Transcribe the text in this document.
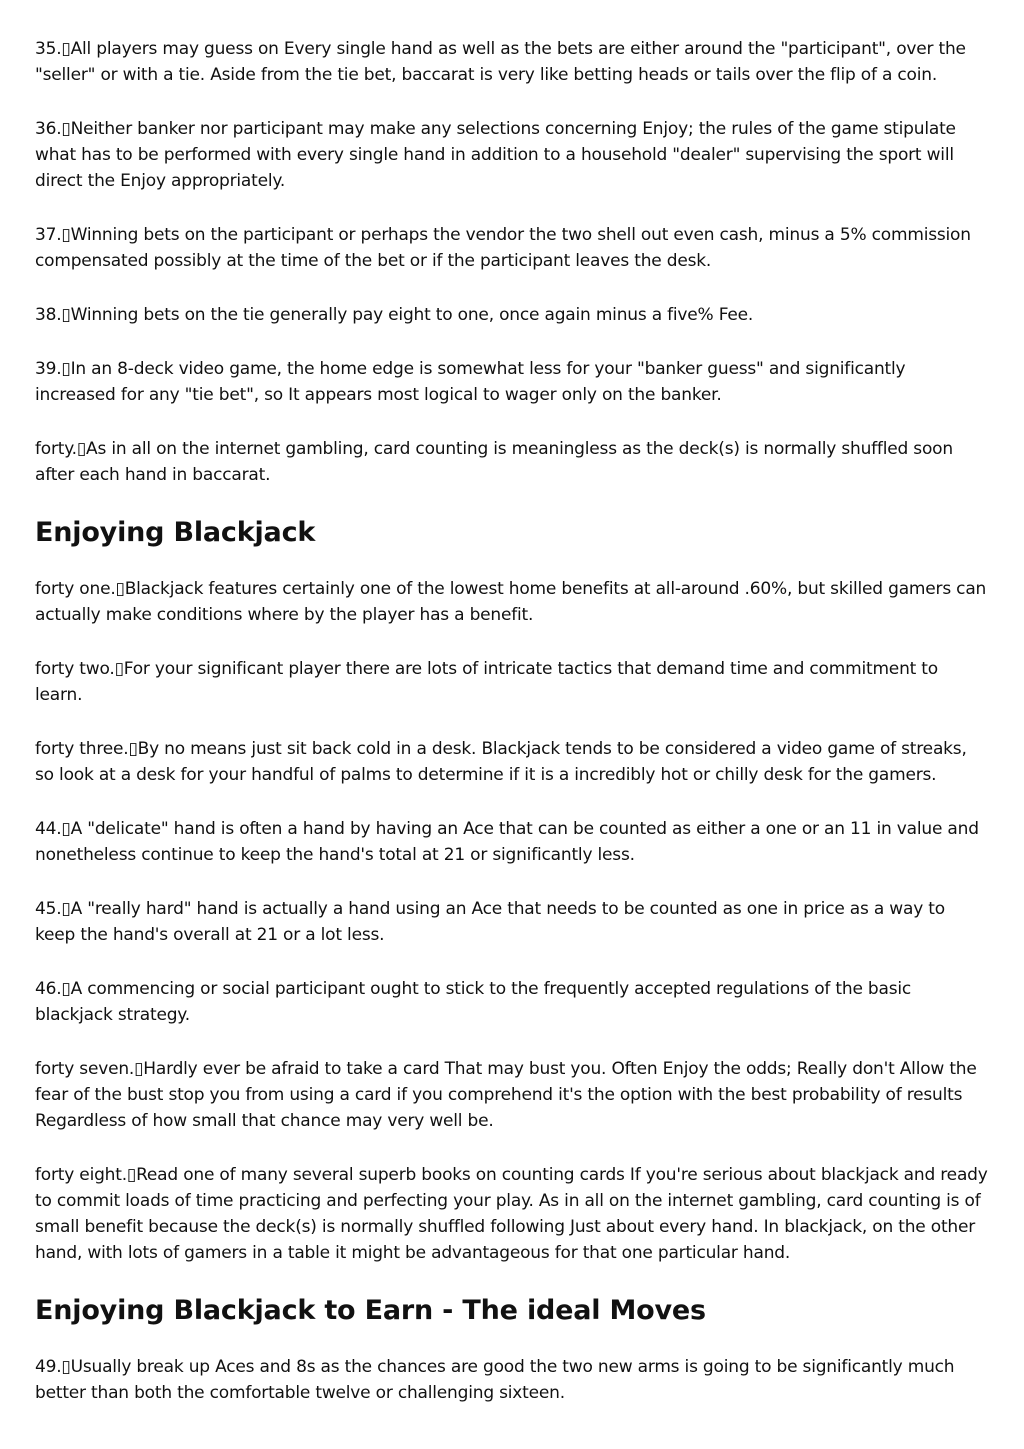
35.▯All players may guess on Every single hand as well as the bets are either around the "participant", over the "seller" or with a tie. Aside from the tie bet, baccarat is very like betting heads or tails over the flip of a coin.

36.▯Neither banker nor participant may make any selections concerning Enjoy; the rules of the game stipulate what has to be performed with every single hand in addition to a household "dealer" supervising the sport will direct the Enjoy appropriately.

37.▯Winning bets on the participant or perhaps the vendor the two shell out even cash, minus a 5% commission compensated possibly at the time of the bet or if the participant leaves the desk.

38.▯Winning bets on the tie generally pay eight to one, once again minus a five% Fee.

39.▯In an 8-deck video game, the home edge is somewhat less for your "banker guess" and significantly increased for any "tie bet", so It appears most logical to wager only on the banker.

forty.▯As in all on the internet gambling, card counting is meaningless as the deck(s) is normally shuffled soon after each hand in baccarat.

Enjoying Blackjack

forty one.▯Blackjack features certainly one of the lowest home benefits at all-around .60%, but skilled gamers can actually make conditions where by the player has a benefit.

forty two.▯For your significant player there are lots of intricate tactics that demand time and commitment to learn.

forty three.▯By no means just sit back cold in a desk. Blackjack tends to be considered a video game of streaks, so look at a desk for your handful of palms to determine if it is a incredibly hot or chilly desk for the gamers.

44.▯A "delicate" hand is often a hand by having an Ace that can be counted as either a one or an 11 in value and nonetheless continue to keep the hand's total at 21 or significantly less.

45.▯A "really hard" hand is actually a hand using an Ace that needs to be counted as one in price as a way to keep the hand's overall at 21 or a lot less.

46.▯A commencing or social participant ought to stick to the frequently accepted regulations of the basic blackjack strategy.

forty seven.▯Hardly ever be afraid to take a card That may bust you. Often Enjoy the odds; Really don't Allow the fear of the bust stop you from using a card if you comprehend it's the option with the best probability of results Regardless of how small that chance may very well be.

forty eight.▯Read one of many several superb books on counting cards If you're serious about blackjack and ready to commit loads of time practicing and perfecting your play. As in all on the internet gambling, card counting is of small benefit because the deck(s) is normally shuffled following Just about every hand. In blackjack, on the other hand, with lots of gamers in a table it might be advantageous for that one particular hand.

Enjoying Blackjack to Earn - The ideal Moves

49.▯Usually break up Aces and 8s as the chances are good the two new arms is going to be significantly much better than both the comfortable twelve or challenging sixteen.
